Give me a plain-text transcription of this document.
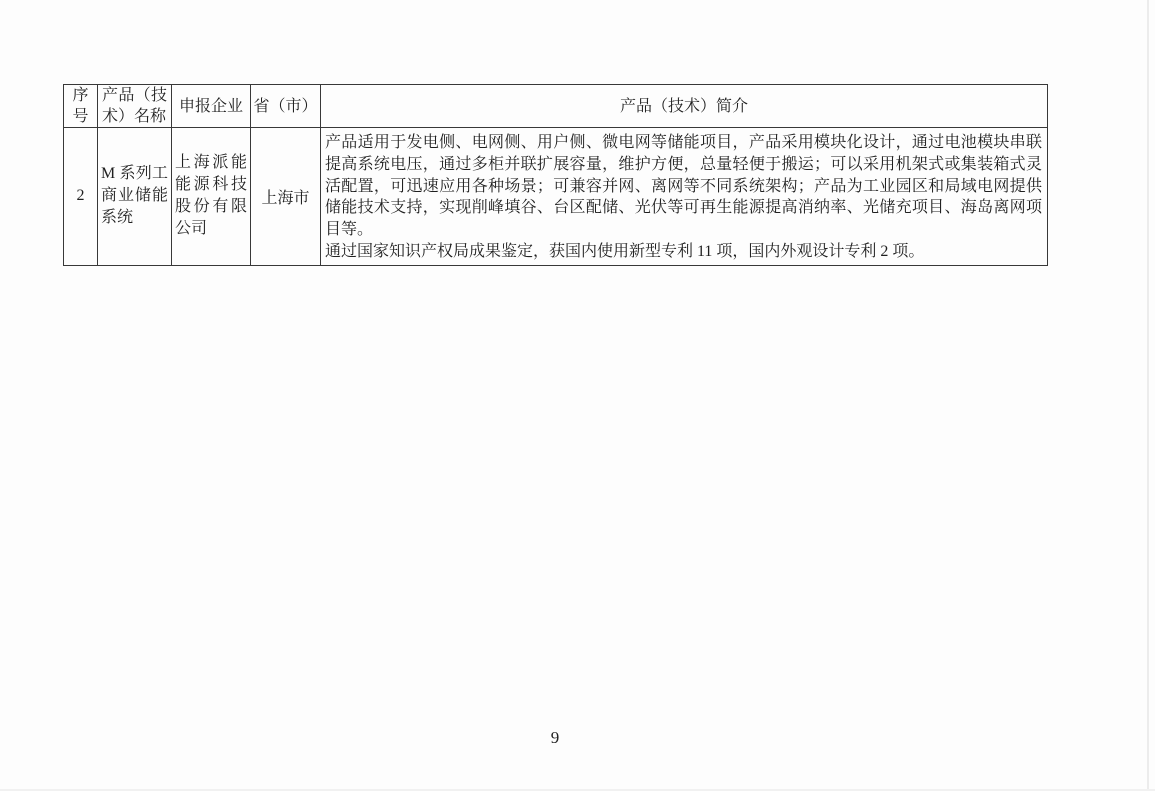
序号	产品（技术）名称	申报企业	省（市）	产品（技术）简介
2	M 系列工商业储能系统	上海派能能源科技股份有限公司	上海市	产品适用于发电侧、电网侧、用户侧、微电网等储能项目，产品采用模块化设计，通过电池模块串联提高系统电压，通过多柜并联扩展容量，维护方便，总量轻便于搬运；可以采用机架式或集装箱式灵活配置，可迅速应用各种场景；可兼容并网、离网等不同系统架构；产品为工业园区和局域电网提供储能技术支持，实现削峰填谷、台区配储、光伏等可再生能源提高消纳率、光储充项目、海岛离网项目等。

通过国家知识产权局成果鉴定，获国内使用新型专利 11 项，国内外观设计专利 2 项。

9
